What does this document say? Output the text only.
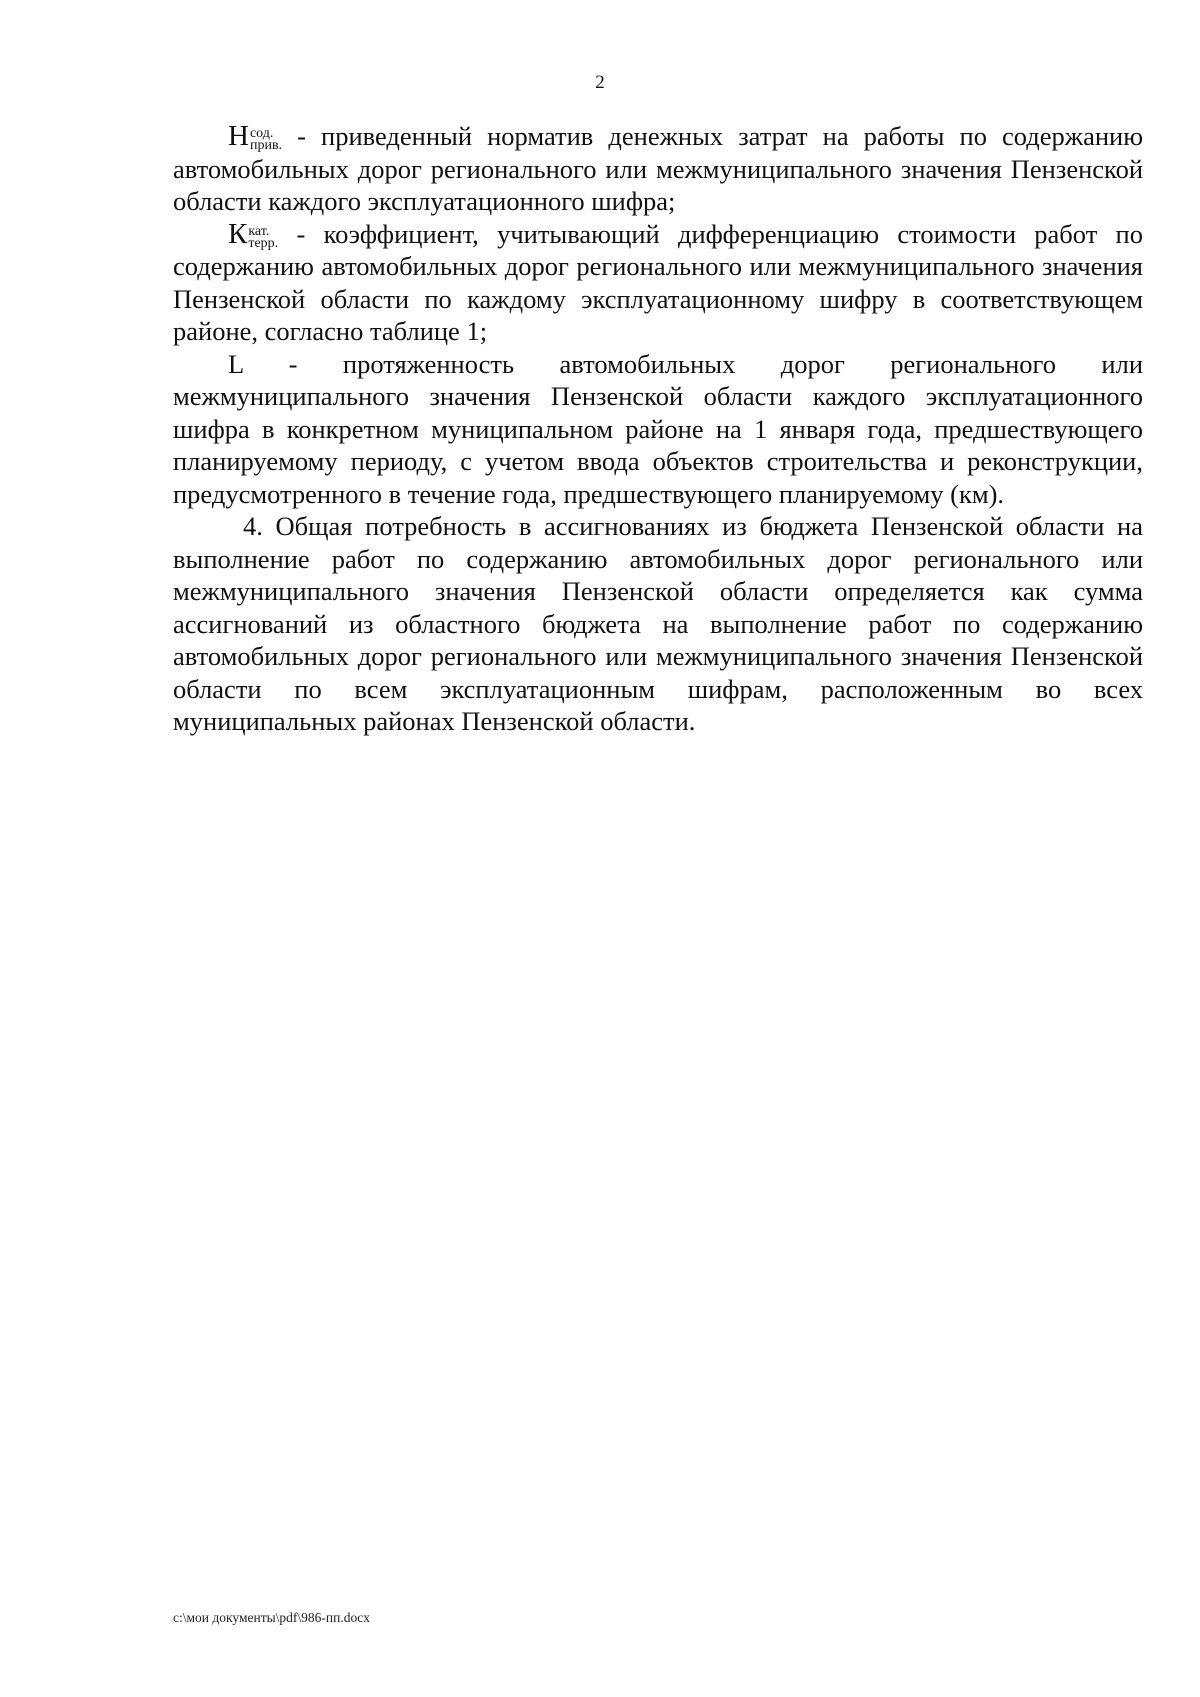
2

Н сод.
прив. - приведенный норматив денежных затрат на работы по содержанию автомобильных дорог регионального или межмуниципального значения Пензенской области каждого эксплуатационного шифра;

К кат.
терр. - коэффициент, учитывающий дифференциацию стоимости работ по содержанию автомобильных дорог регионального или межмуниципального значения Пензенской области по каждому эксплуатационному шифру в соответствующем районе, согласно таблице 1;

L - протяженность автомобильных дорог регионального или межмуниципального значения Пензенской области каждого эксплуатационного шифра в конкретном муниципальном районе на 1 января года, предшествующего планируемому периоду, с учетом ввода объектов строительства и реконструкции, предусмотренного в течение года, предшествующего планируемому (км).

4. Общая потребность в ассигнованиях из бюджета Пензенской области на выполнение работ по содержанию автомобильных дорог регионального или межмуниципального значения Пензенской области определяется как сумма ассигнований из областного бюджета на выполнение работ по содержанию автомобильных дорог регионального или межмуниципального значения Пензенской области по всем эксплуатационным шифрам, расположенным во всех муниципальных районах Пензенской области.

c:\мои документы\pdf\986-пп.docx
